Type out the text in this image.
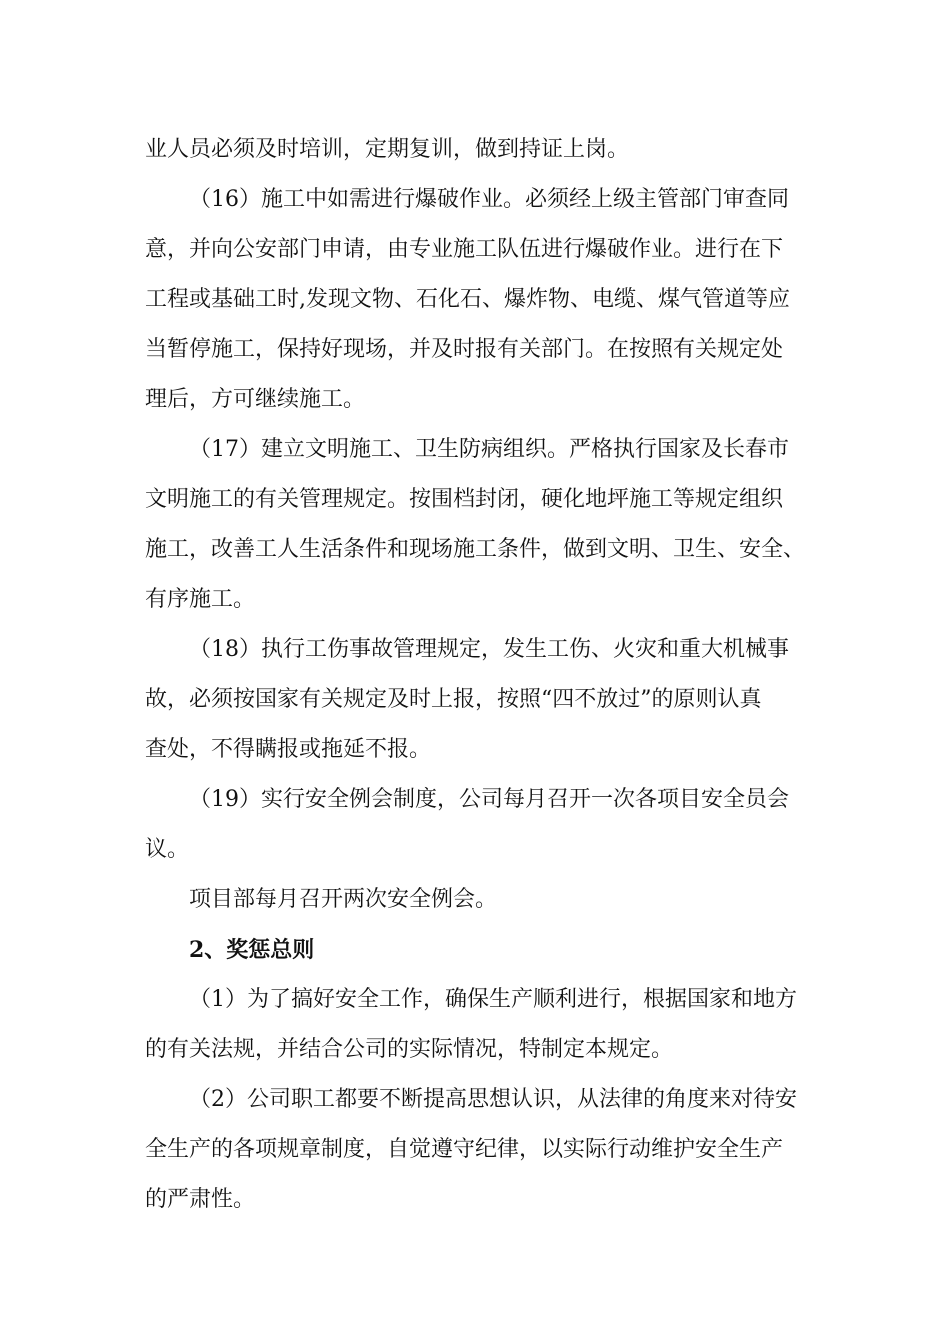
业人员必须及时培训，定期复训，做到持证上岗。
（16）施工中如需进行爆破作业。必须经上级主管部门审查同
意，并向公安部门申请，由专业施工队伍进行爆破作业。进行在下
工程或基础工时,发现文物、石化石、爆炸物、电缆、煤气管道等应
当暂停施工，保持好现场，并及时报有关部门。在按照有关规定处
理后，方可继续施工。
（17）建立文明施工、卫生防病组织。严格执行国家及长春市
文明施工的有关管理规定。按围档封闭，硬化地坪施工等规定组织
施工，改善工人生活条件和现场施工条件，做到文明、卫生、安全、
有序施工。
（18）执行工伤事故管理规定，发生工伤、火灾和重大机械事
故，必须按国家有关规定及时上报，按照“四不放过”的原则认真
查处，不得瞒报或拖延不报。
（19）实行安全例会制度，公司每月召开一次各项目安全员会
议。
项目部每月召开两次安全例会。
2、奖惩总则
（1）为了搞好安全工作，确保生产顺利进行，根据国家和地方
的有关法规，并结合公司的实际情况，特制定本规定。
（2）公司职工都要不断提高思想认识，从法律的角度来对待安
全生产的各项规章制度，自觉遵守纪律，以实际行动维护安全生产
的严肃性。
